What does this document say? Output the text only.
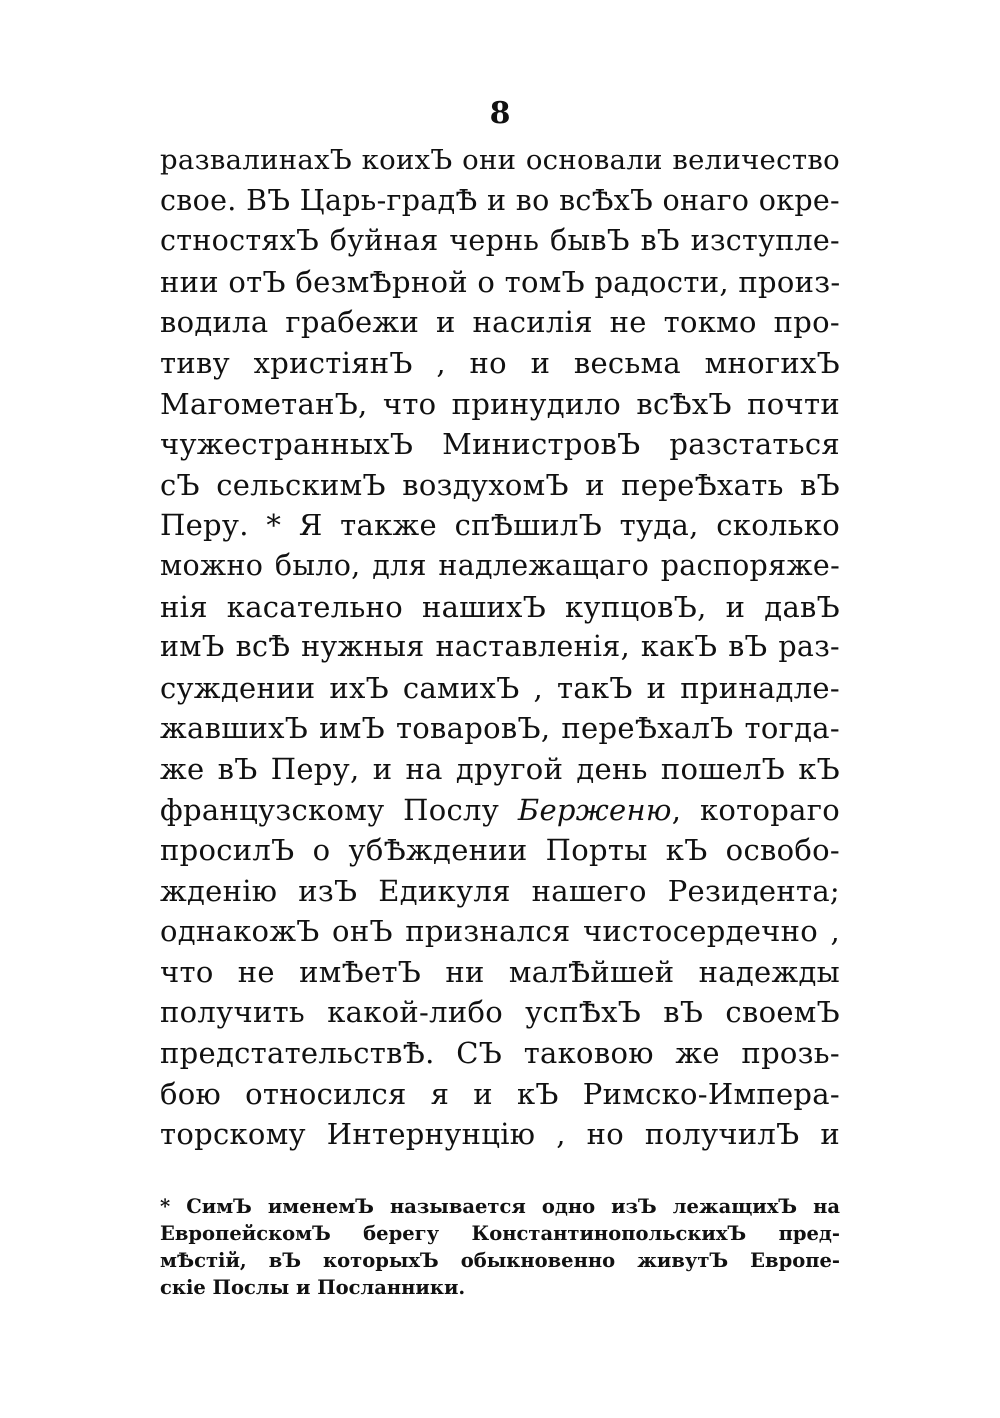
8
развалинахЪ коихЪ они основали величество
свое. ВЪ Царь-градѢ и во всѢхЪ онаго окре-
стностяхЪ буйная чернь бывЪ вЪ изступле-
нии отЪ безмѢрной о томЪ радости, произ-
водила грабежи и насилія не токмо про-
тиву христіянЪ , но и весьма многихЪ
МагометанЪ, что принудило всѢхЪ почти
чужестранныхЪ МинистровЪ разстаться
сЪ сельскимЪ воздухомЪ и переѢхать вЪ
Перу. * Я также спѢшилЪ туда, сколько
можно было, для надлежащаго распоряже-
нія касательно нашихЪ купцовЪ, и давЪ
имЪ всѢ нужныя наставленія, какЪ вЪ раз-
суждении ихЪ самихЪ , такЪ и принадле-
жавшихЪ имЪ товаровЪ, переѢхалЪ тогда-
же вЪ Перу, и на другой день пошелЪ кЪ
французскому Послу Берженю, котораго
просилЪ о убѢждении Порты кЪ освобо-
жденію изЪ Едикуля нашего Резидента;
однакожЪ онЪ признался чистосердечно ,
что не имѢетЪ ни малѢйшей надежды
получить какой-либо успѢхЪ вЪ своемЪ
предстательствѢ. СЪ таковою же прозь-
бою относился я и кЪ Римско-Импера-
торскому Интернунцію , но получилЪ и
* СимЪ именемЪ называется одно изЪ лежащихЪ на
ЕвропейскомЪ берегу КонстантинопольскихЪ пред-
мѢстій, вЪ которыхЪ обыкновенно живутЪ Европе-
скіе Послы и Посланники.
